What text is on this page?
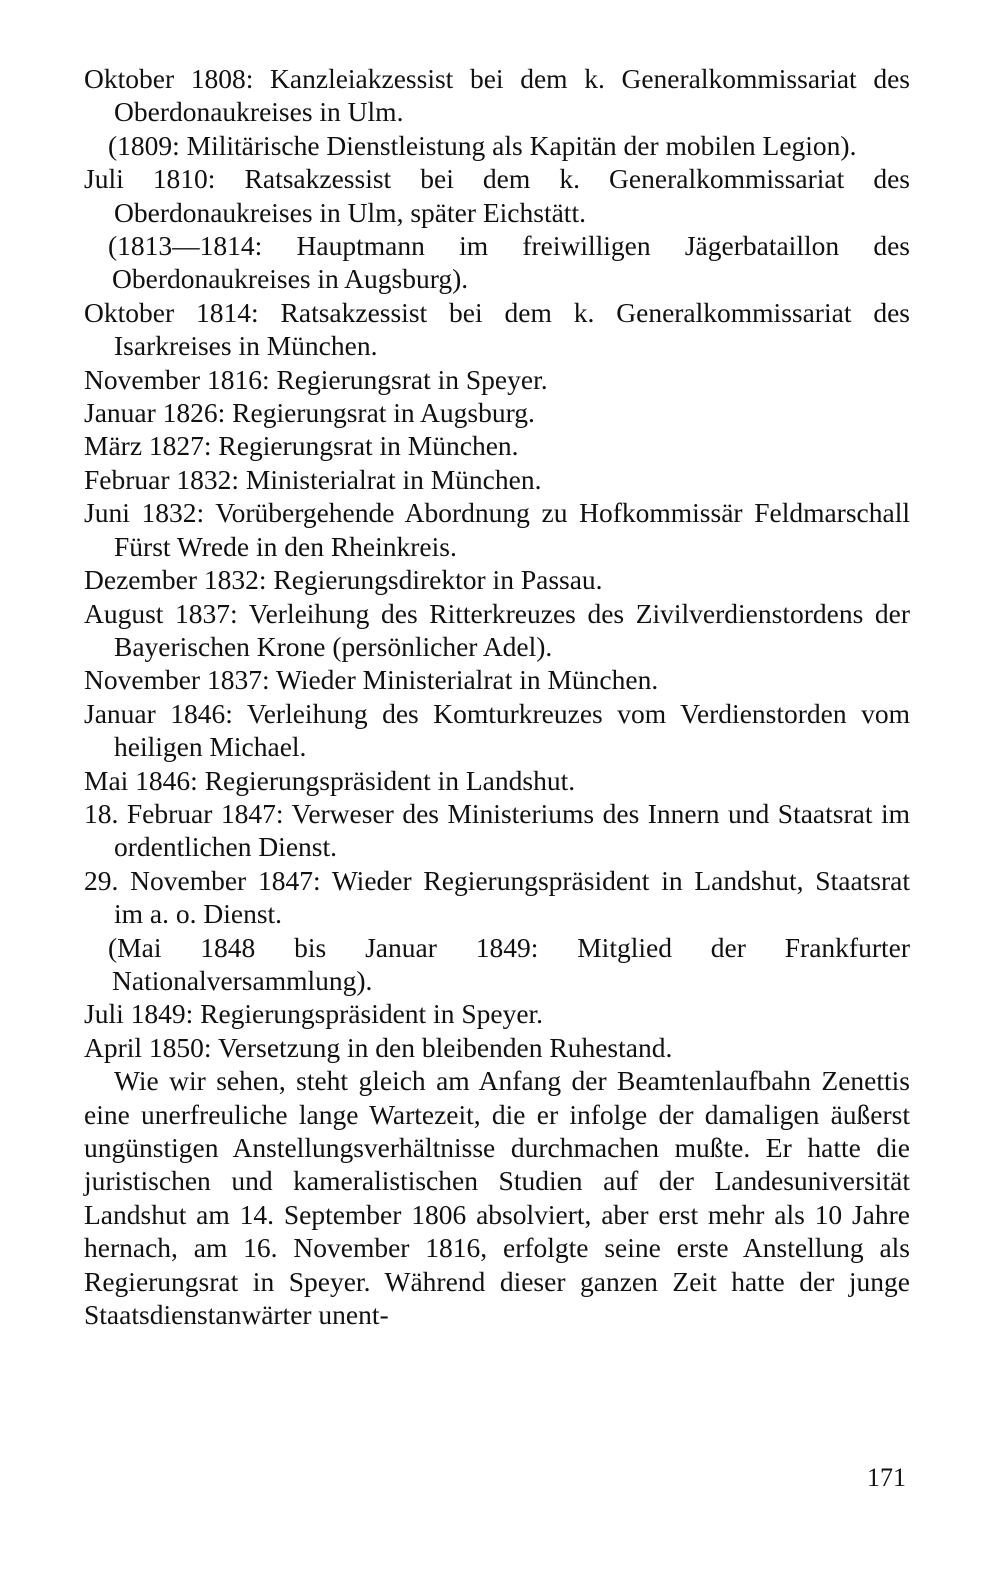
Oktober 1808: Kanzleiakzessist bei dem k. Generalkommissariat des Oberdonaukreises in Ulm.

(1809: Militärische Dienstleistung als Kapitän der mobilen Legion).

Juli 1810: Ratsakzessist bei dem k. Generalkommissariat des Oberdonaukreises in Ulm, später Eichstätt.

(1813—1814: Hauptmann im freiwilligen Jägerbataillon des Oberdonaukreises in Augsburg).

Oktober 1814: Ratsakzessist bei dem k. Generalkommissariat des Isarkreises in München.

November 1816: Regierungsrat in Speyer.

Januar 1826: Regierungsrat in Augsburg.

März 1827: Regierungsrat in München.

Februar 1832: Ministerialrat in München.

Juni 1832: Vorübergehende Abordnung zu Hofkommissär Feldmarschall Fürst Wrede in den Rheinkreis.

Dezember 1832: Regierungsdirektor in Passau.

August 1837: Verleihung des Ritterkreuzes des Zivilverdienstordens der Bayerischen Krone (persönlicher Adel).

November 1837: Wieder Ministerialrat in München.

Januar 1846: Verleihung des Komturkreuzes vom Verdienstorden vom heiligen Michael.

Mai 1846: Regierungspräsident in Landshut.

18. Februar 1847: Verweser des Ministeriums des Innern und Staatsrat im ordentlichen Dienst.

29. November 1847: Wieder Regierungspräsident in Landshut, Staatsrat im a. o. Dienst.

(Mai 1848 bis Januar 1849: Mitglied der Frankfurter Nationalversammlung).

Juli 1849: Regierungspräsident in Speyer.

April 1850: Versetzung in den bleibenden Ruhestand.

Wie wir sehen, steht gleich am Anfang der Beamtenlaufbahn Zenettis eine unerfreuliche lange Wartezeit, die er infolge der damaligen äußerst ungünstigen Anstellungsverhältnisse durchmachen mußte. Er hatte die juristischen und kameralistischen Studien auf der Landesuniversität Landshut am 14. September 1806 absolviert, aber erst mehr als 10 Jahre hernach, am 16. November 1816, erfolgte seine erste Anstellung als Regierungsrat in Speyer. Während dieser ganzen Zeit hatte der junge Staatsdienstanwärter unent-

171
